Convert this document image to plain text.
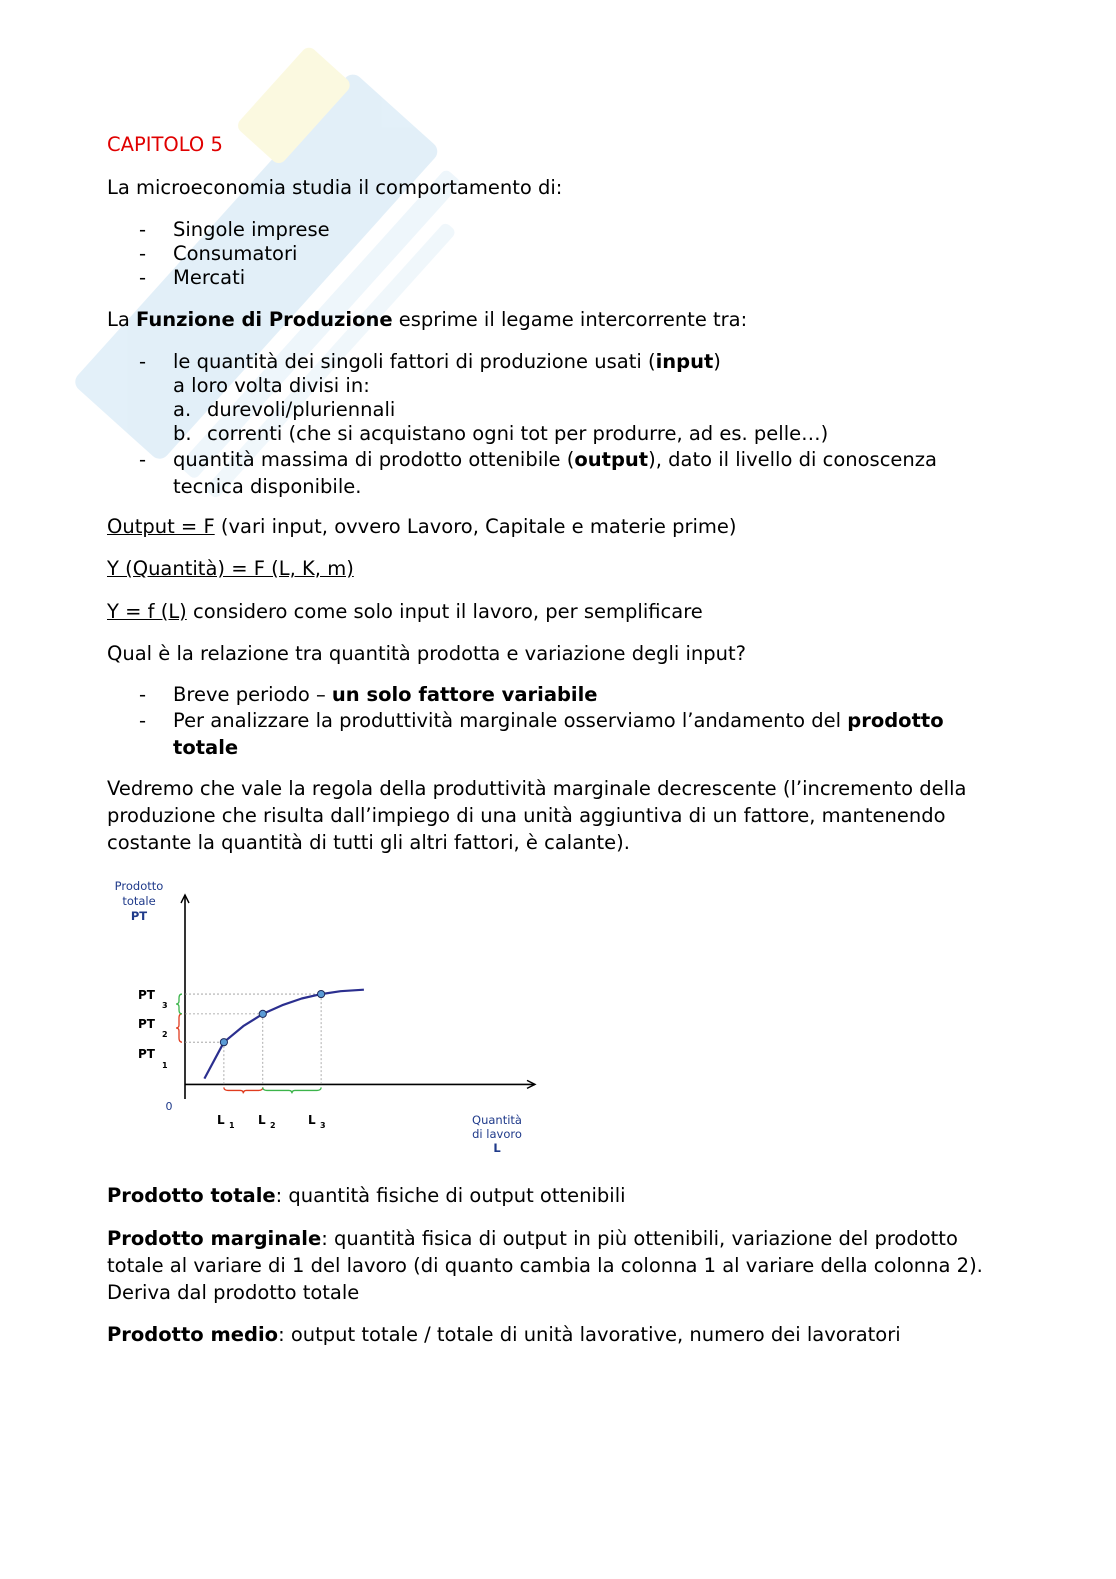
CAPITOLO 5
La microeconomia studia il comportamento di:
- Singole imprese
- Consumatori
- Mercati

La Funzione di Produzione esprime il legame intercorrente tra:

- le quantità dei singoli fattori di produzione usati (input)
a loro volta divisi in:
a. durevoli/pluriennali
b. correnti (che si acquistano ogni tot per produrre, ad es. pelle…)
- quantità massima di prodotto ottenibile (output), dato il livello di conoscenza tecnica disponibile.

Output = F (vari input, ovvero Lavoro, Capitale e materie prime)

Y (Quantità) = F (L, K, m)

Y = f (L) considero come solo input il lavoro, per semplificare

Qual è la relazione tra quantità prodotta e variazione degli input?

- Breve periodo – un solo fattore variabile
- Per analizzare la produttività marginale osserviamo l’andamento del prodotto totale

Vedremo che vale la regola della produttività marginale decrescente (l’incremento della produzione che risulta dall’impiego di una unità aggiuntiva di un fattore, mantenendo costante la quantità di tutti gli altri fattori, è calante).

Prodotto
totale
PT
Quantità
di lavoro
L
0
PT
1
PT
2
PT
3
L 1 L 2	L 3

Prodotto totale: quantità fisiche di output ottenibili

Prodotto marginale: quantità fisica di output in più ottenibili, variazione del prodotto totale al variare di 1 del lavoro (di quanto cambia la colonna 1 al variare della colonna 2). Deriva dal prodotto totale

Prodotto medio: output totale / totale di unità lavorative, numero dei lavoratori
